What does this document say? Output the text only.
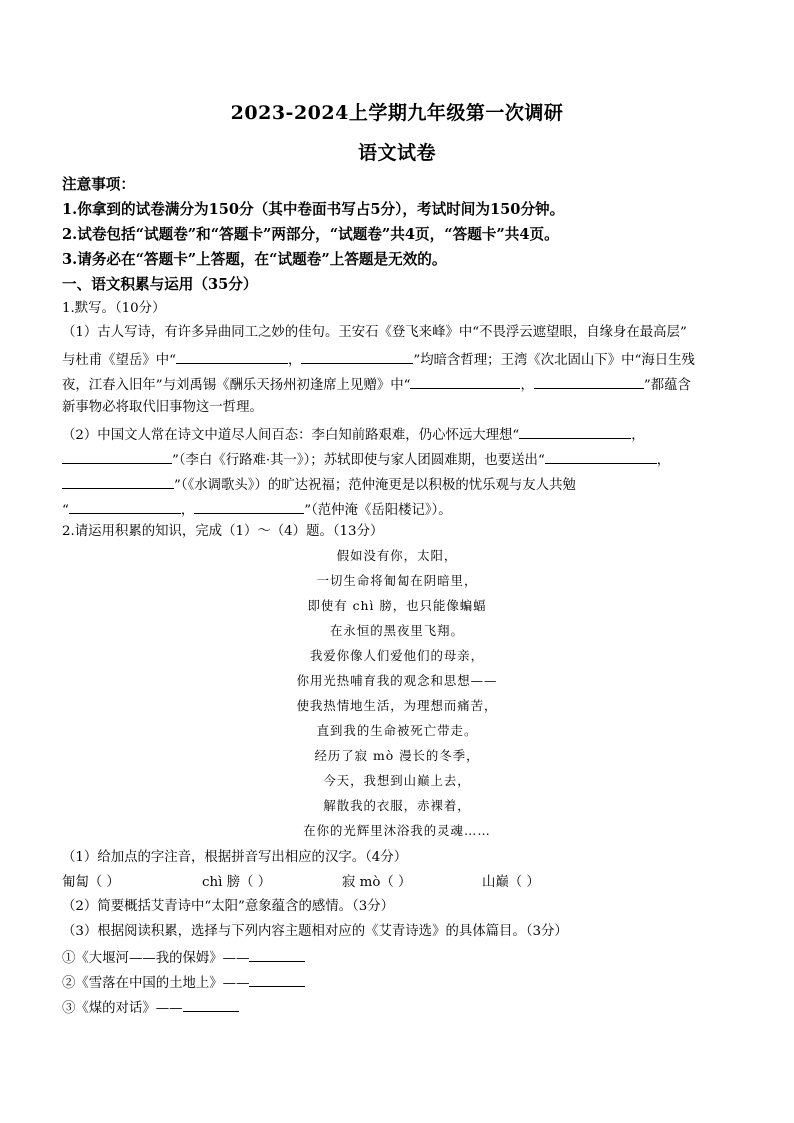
2023-2024上学期九年级第一次调研
语文试卷
注意事项：
1.你拿到的试卷满分为150分（其中卷面书写占5分），考试时间为150分钟。
2.试卷包括“试题卷”和“答题卡”两部分，“试题卷”共4页，“答题卡”共4页。
3.请务必在“答题卡”上答题，在“试题卷”上答题是无效的。
一、语文积累与运用（35分）
1.默写。（10分）
（1）古人写诗，有许多异曲同工之妙的佳句。王安石《登飞来峰》中“不畏浮云遮望眼，自缘身在最高层”
与杜甫《望岳》中“	，	”均暗含哲理；王湾《次北固山下》中“海日生残
夜，江春入旧年”与刘禹锡《酬乐天扬州初逢席上见赠》中“	，	”都蕴含
新事物必将取代旧事物这一哲理。
（2）中国文人常在诗文中道尽人间百态：李白知前路艰难，仍心怀远大理想“	，
”（李白《行路难·其一》）；苏轼即使与家人团圆难期，也要送出“	，
”（《水调歌头》）的旷达祝福；范仲淹更是以积极的忧乐观与友人共勉
“	，	”（范仲淹《岳阳楼记》）。
2.请运用积累的知识，完成（1）～（4）题。（13分）
假如没有你，太阳，
一切生命将匍匐在阴暗里，
即使有 chì 膀，也只能像蝙蝠
在永恒的黑夜里飞翔。
我爱你像人们爱他们的母亲，
你用光热哺育我的观念和思想——
使我热情地生活，为理想而痛苦，
直到我的生命被死亡带走。
经历了寂 mò 漫长的冬季，
今天，我想到山巅上去，
解散我的衣服，赤裸着，
在你的光辉里沐浴我的灵魂……
（1）给加点的字注音，根据拼音写出相应的汉字。（4分）
匍匐（ ）	chì 膀（ ）	寂 mò（ ）	山巅（ ）
（2）简要概括艾青诗中“太阳”意象蕴含的感情。（3分）
（3）根据阅读积累，选择与下列内容主题相对应的《艾青诗选》的具体篇目。（3分）
①《大堰河——我的保姆》——
②《雪落在中国的土地上》——
③《煤的对话》——
